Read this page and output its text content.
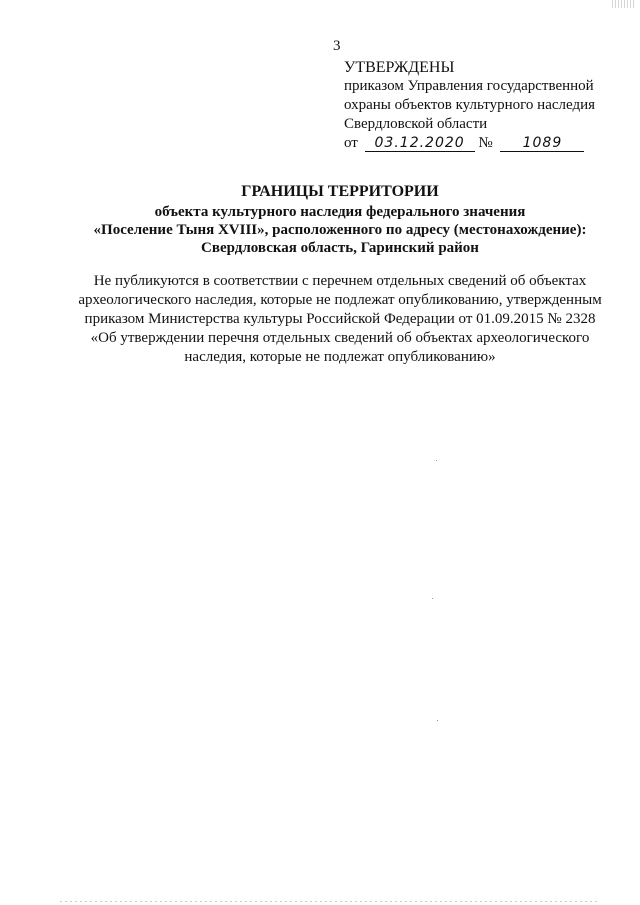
3
УТВЕРЖДЕНЫ
приказом Управления государственной
охраны объектов культурного наследия
Свердловской области
от 03.12.2020 № 1089
ГРАНИЦЫ ТЕРРИТОРИИ
объекта культурного наследия федерального значения
«Поселение Тыня XVIII», расположенного по адресу (местонахождение):
Свердловская область, Гаринский район
Не публикуются в соответствии с перечнем отдельных сведений об объектах
археологического наследия, которые не подлежат опубликованию, утвержденным
приказом Министерства культуры Российской Федерации от 01.09.2015 № 2328
«Об утверждении перечня отдельных сведений об объектах археологического
наследия, которые не подлежат опубликованию»
